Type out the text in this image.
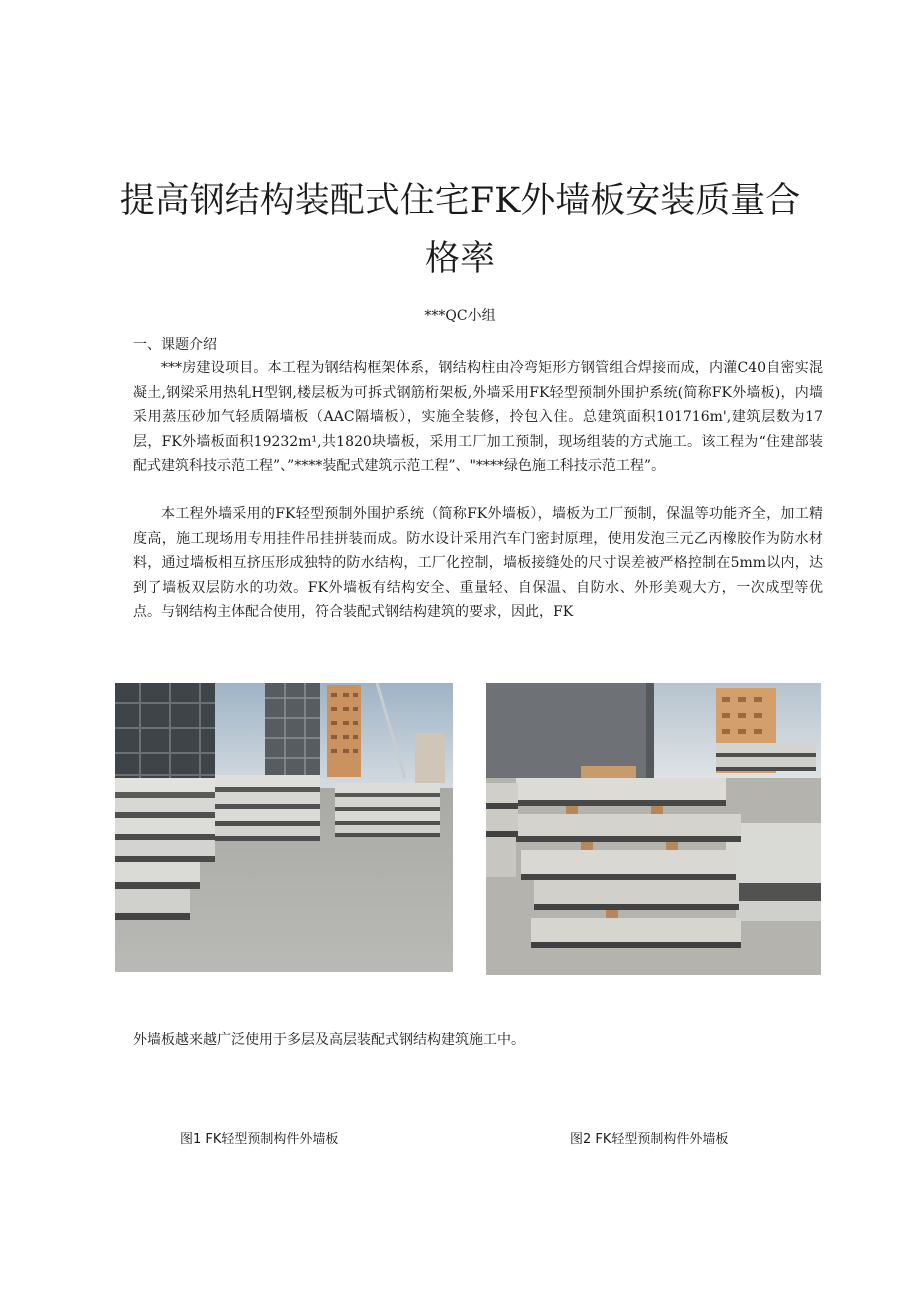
提高钢结构装配式住宅FK外墙板安装质量合格率
***QC小组
一、课题介绍

***房建设项目。本工程为钢结构框架体系，钢结构柱由冷弯矩形方钢管组合焊接而成，内灌C40自密实混凝土,钢梁采用热轧H型钢,楼层板为可拆式钢筋桁架板,外墙采用FK轻型预制外围护系统(简称FK外墙板)，内墙采用蒸压砂加气轻质隔墙板（AAC隔墙板），实施全装修，拎包入住。总建筑面积101716m',建筑层数为17层，FK外墙板面积19232m¹,共1820块墙板，采用工厂加工预制，现场组装的方式施工。该工程为“住建部装配式建筑科技示范工程”、”****装配式建筑示范工程”、"****绿色施工科技示范工程”。

本工程外墙采用的FK轻型预制外围护系统（简称FK外墙板），墙板为工厂预制，保温等功能齐全，加工精度高，施工现场用专用挂件吊挂拼装而成。防水设计采用汽车门密封原理，使用发泡三元乙丙橡胶作为防水材料，通过墙板相互挤压形成独特的防水结构，工厂化控制，墙板接缝处的尺寸误差被严格控制在5mm以内，达到了墙板双层防水的功效。FK外墙板有结构安全、重量轻、自保温、自防水、外形美观大方，一次成型等优点。与钢结构主体配合使用，符合装配式钢结构建筑的要求，因此，FK

外墙板越来越广泛使用于多层及高层装配式钢结构建筑施工中。

图1 FK轻型预制构件外墙板	图2 FK轻型预制构件外墙板
